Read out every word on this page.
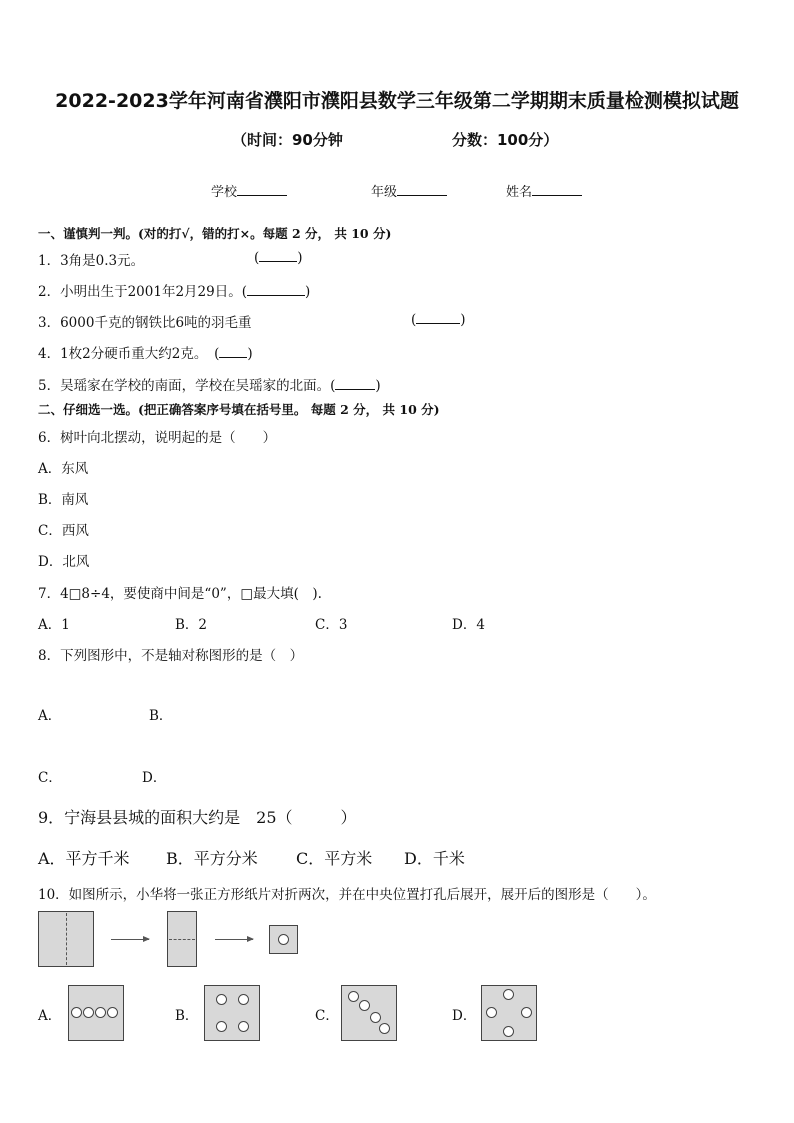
2022-2023学年河南省濮阳市濮阳县数学三年级第二学期期末质量检测模拟试题
（时间：90分钟	分数：100分）
学校	年级	姓名
一、谨慎判一判。(对的打√，错的打×。每题 2 分， 共 10 分)
1．3角是0.3元。	(	)
2．小明出生于2001年2月29日。(	)
3．6000千克的钢铁比6吨的羽毛重	(	)
4．1枚2分硬币重大约2克。　( )
5．吴瑶家在学校的南面，学校在吴瑶家的北面。(	)
二、仔细选一选。(把正确答案序号填在括号里。 每题 2 分， 共 10 分)
6．树叶向北摆动，说明起的是（　　）
A．东风
B．南风
C．西风
D．北风
7．4□8÷4，要使商中间是“0”，□最大填(　).
A．1	B．2	C．3	D．4
8．下列图形中，不是轴对称图形的是（　）
A．	B．
C．	D．
9．宁海县县城的面积大约是　25（　　　）
A．平方千米 B．平方分米 C．平方米 D．千米
10．如图所示，小华将一张正方形纸片对折两次，并在中央位置打孔后展开，展开后的图形是（　　）。
A．	B．	C．	D．
